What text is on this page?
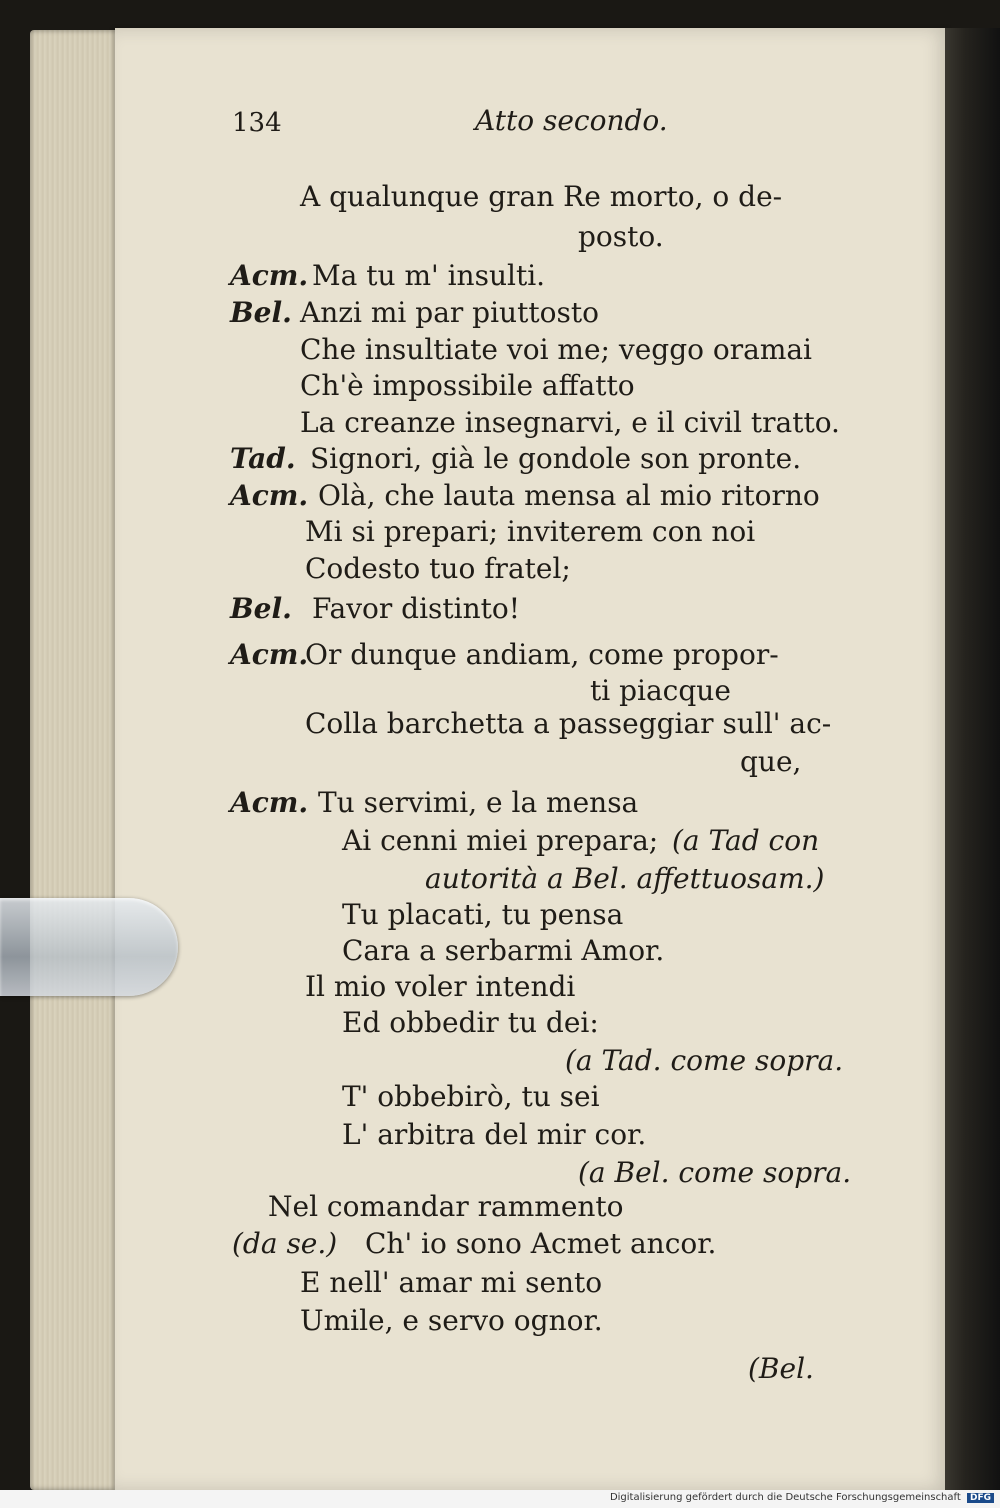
134	Atto secondo.
A qualunque gran Re morto, o de-
posto.
Acm. Ma tu m' insulti.
Bel. Anzi mi par piuttosto
Che insultiate voi me; veggo oramai
Ch'è impossibile affatto
La creanze insegnarvi, e il civil tratto.
Tad. Signori, già le gondole son pronte.
Acm. Olà, che lauta mensa al mio ritorno
Mi si prepari; inviterem con noi
Codesto tuo fratel;
Bel. Favor distinto!
Acm.
Or dunque andiam, come propor-
ti piacque
Colla barchetta a passeggiar sull' ac-
que,
Acm. Tu servimi, e la mensa
Ai cenni miei prepara; (a Tad con
autorità a Bel. affettuosam.)
Tu placati, tu pensa
Cara a serbarmi Amor.
Il mio voler intendi
Ed obbedir tu dei:
(a Tad. come sopra.
T' obbebirò, tu sei
L' arbitra del mir cor.
(a Bel. come sopra.
Nel comandar rammento
(da se.) Ch' io sono Acmet ancor.
E nell' amar mi sento
Umile, e servo ognor.
(Bel.
Digitalisierung gefördert durch die Deutsche Forschungsgemeinschaft DFG
